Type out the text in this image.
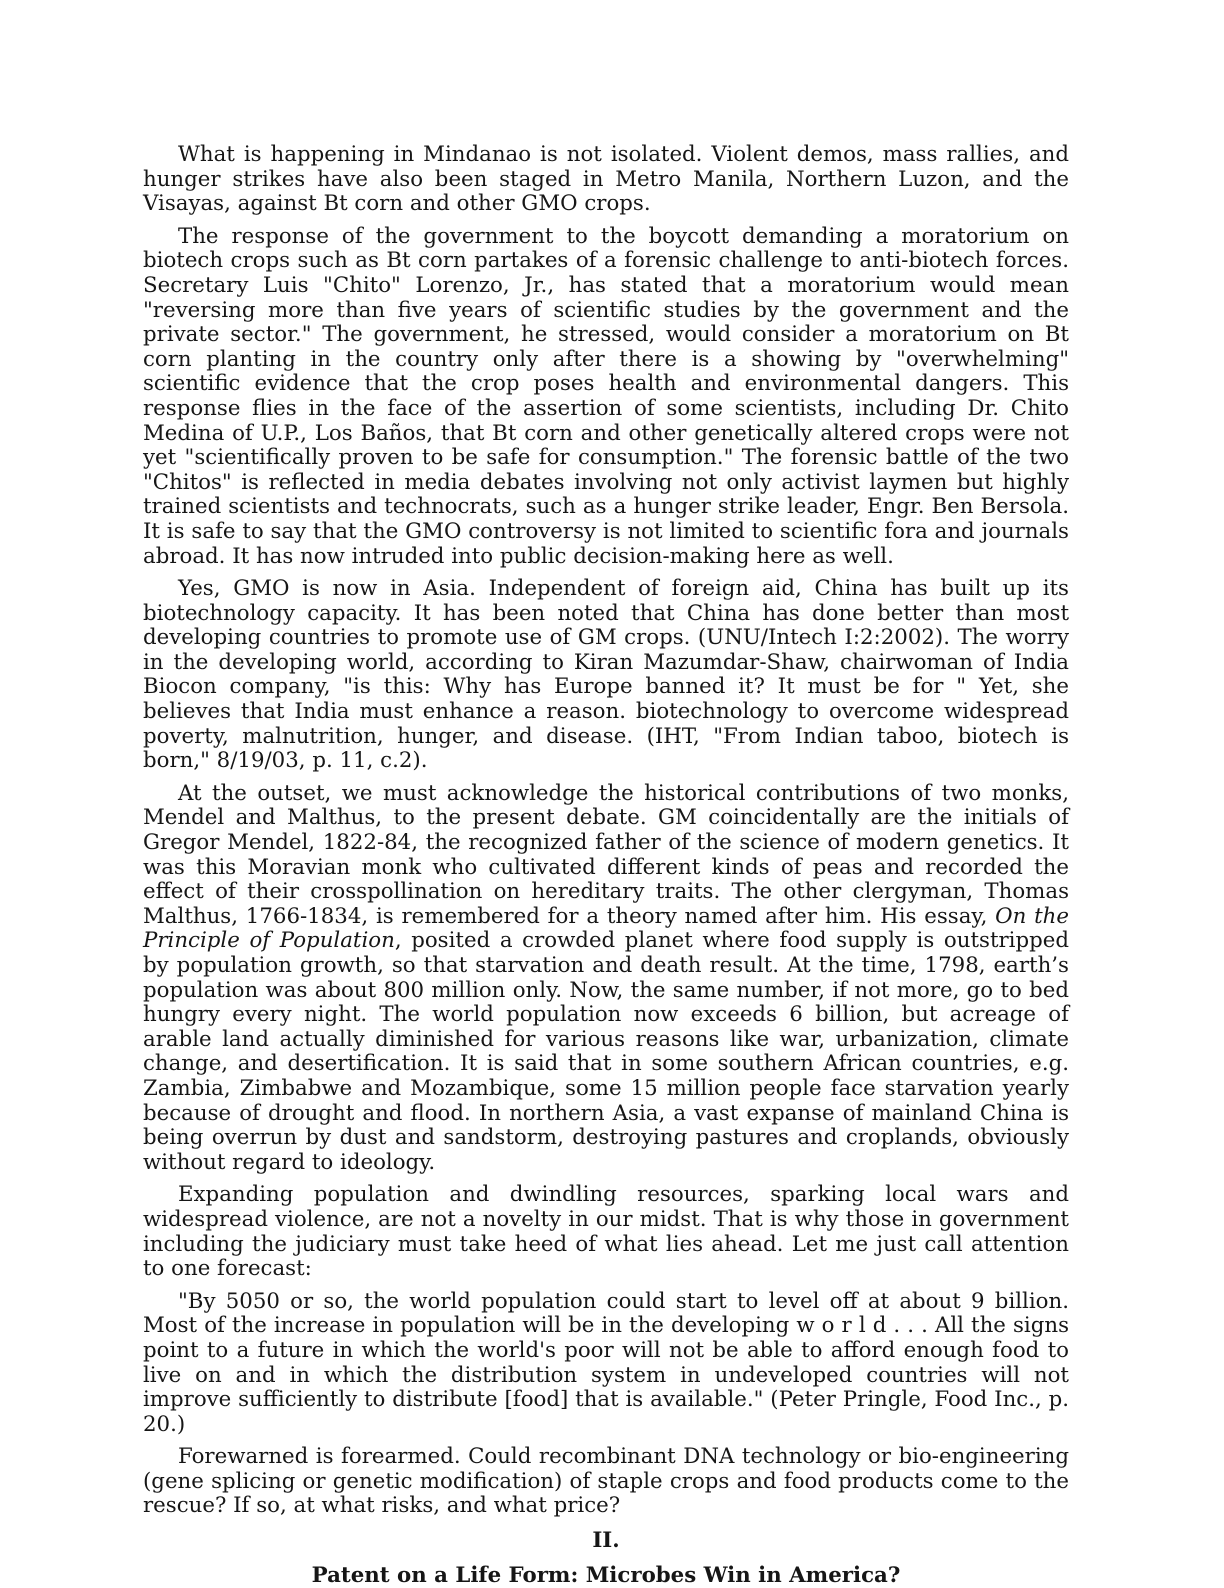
What is happening in Mindanao is not isolated. Violent demos, mass rallies, and hunger strikes have also been staged in Metro Manila, Northern Luzon, and the Visayas, against Bt corn and other GMO crops.

The response of the government to the boycott demanding a moratorium on biotech crops such as Bt corn partakes of a forensic challenge to anti-biotech forces. Secretary Luis "Chito" Lorenzo, Jr., has stated that a moratorium would mean "reversing more than five years of scientific studies by the government and the private sector." The government, he stressed, would consider a moratorium on Bt corn planting in the country only after there is a showing by "overwhelming" scientific evidence that the crop poses health and environmental dangers. This response flies in the face of the assertion of some scientists, including Dr. Chito Medina of U.P., Los Baños, that Bt corn and other genetically altered crops were not yet "scientifically proven to be safe for consumption." The forensic battle of the two "Chitos" is reflected in media debates involving not only activist laymen but highly trained scientists and technocrats, such as a hunger strike leader, Engr. Ben Bersola. It is safe to say that the GMO controversy is not limited to scientific fora and journals abroad. It has now intruded into public decision-making here as well.

Yes, GMO is now in Asia. Independent of foreign aid, China has built up its biotechnology capacity. It has been noted that China has done better than most developing countries to promote use of GM crops. (UNU/Intech I:2:2002). The worry in the developing world, according to Kiran Mazumdar-Shaw, chairwoman of India Biocon company, "is this: Why has Europe banned it? It must be for " Yet, she believes that India must enhance a reason. biotechnology to overcome widespread poverty, malnutrition, hunger, and disease. (IHT, "From Indian taboo, biotech is born," 8/19/03, p. 11, c.2).

At the outset, we must acknowledge the historical contributions of two monks, Mendel and Malthus, to the present debate. GM coincidentally are the initials of Gregor Mendel, 1822-84, the recognized father of the science of modern genetics. It was this Moravian monk who cultivated different kinds of peas and recorded the effect of their crosspollination on hereditary traits. The other clergyman, Thomas Malthus, 1766-1834, is remembered for a theory named after him. His essay, On the Principle of Population, posited a crowded planet where food supply is outstripped by population growth, so that starvation and death result. At the time, 1798, earth’s population was about 800 million only. Now, the same number, if not more, go to bed hungry every night. The world population now exceeds 6 billion, but acreage of arable land actually diminished for various reasons like war, urbanization, climate change, and desertification. It is said that in some southern African countries, e.g. Zambia, Zimbabwe and Mozambique, some 15 million people face starvation yearly because of drought and flood. In northern Asia, a vast expanse of mainland China is being overrun by dust and sandstorm, destroying pastures and croplands, obviously without regard to ideology.

Expanding population and dwindling resources, sparking local wars and widespread violence, are not a novelty in our midst. That is why those in government including the judiciary must take heed of what lies ahead. Let me just call attention to one forecast:

"By 5050 or so, the world population could start to level off at about 9 billion. Most of the increase in population will be in the developing w o r l d . . . All the signs point to a future in which the world's poor will not be able to afford enough food to live on and in which the distribution system in undeveloped countries will not improve sufficiently to distribute [food] that is available." (Peter Pringle, Food Inc., p. 20.)

Forewarned is forearmed. Could recombinant DNA technology or bio-engineering (gene splicing or genetic modification) of staple crops and food products come to the rescue? If so, at what risks, and what price?

II.
Patent on a Life Form: Microbes Win in America?
